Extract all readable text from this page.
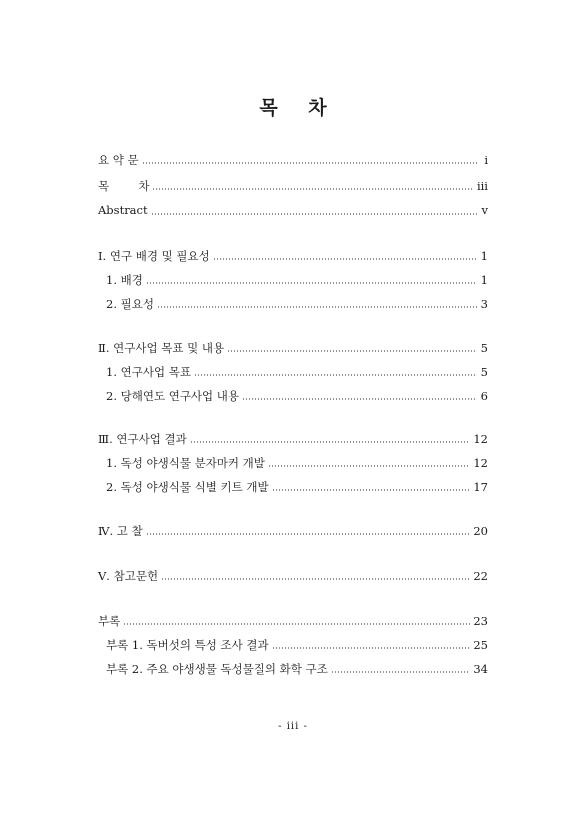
목 차
요 약 문	i
목        차	iii
Abstract	v
Ⅰ. 연구 배경 및 필요성	1
1. 배경	1
2. 필요성	3
Ⅱ. 연구사업 목표 및 내용	5
1. 연구사업 목표	5
2. 당해연도 연구사업 내용	6
Ⅲ. 연구사업 결과	12
1. 독성 야생식물 분자마커 개발	12
2. 독성 야생식물 식별 키트 개발	17
Ⅳ. 고 찰	20
Ⅴ. 참고문헌	22
부록	23
부록 1. 독버섯의 특성 조사 결과	25
부록 2. 주요 야생생물 독성물질의 화학 구조	34
- iii -
